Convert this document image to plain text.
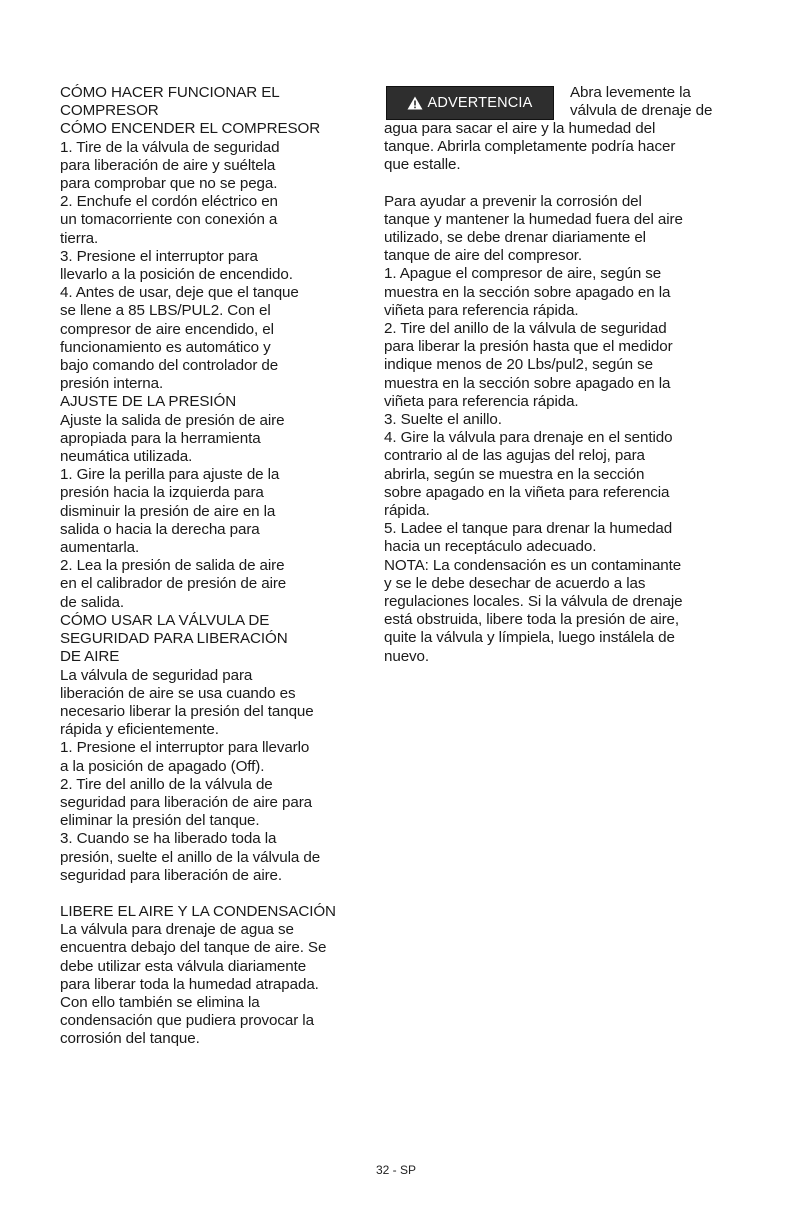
CÓMO HACER FUNCIONAR EL
COMPRESOR
CÓMO ENCENDER EL COMPRESOR
1. Tire de la válvula de seguridad
para liberación de aire y suéltela
para comprobar que no se pega.
2. Enchufe el cordón eléctrico en
un tomacorriente con conexión a
tierra.
3. Presione el interruptor para
llevarlo a la posición de encendido.
4. Antes de usar, deje que el tanque
se llene a 85 LBS/PUL2. Con el
compresor de aire encendido, el
funcionamiento es automático y
bajo comando del controlador de
presión interna.
AJUSTE DE LA PRESIÓN
Ajuste la salida de presión de aire
apropiada para la herramienta
neumática utilizada.
1. Gire la perilla para ajuste de la
presión hacia la izquierda para
disminuir la presión de aire en la
salida o hacia la derecha para
aumentarla.
2. Lea la presión de salida de aire
en el calibrador de presión de aire
de salida.
CÓMO USAR LA VÁLVULA DE
SEGURIDAD PARA LIBERACIÓN
DE AIRE
La válvula de seguridad para
liberación de aire se usa cuando es
necesario liberar la presión del tanque
rápida y eficientemente.
1. Presione el interruptor para llevarlo
a la posición de apagado (Off).
2. Tire del anillo de la válvula de
seguridad para liberación de aire para
eliminar la presión del tanque.
3. Cuando se ha liberado toda la
presión, suelte el anillo de la válvula de
seguridad para liberación de aire.
LIBERE EL AIRE Y LA CONDENSACIÓN
La válvula para drenaje de agua se
encuentra debajo del tanque de aire. Se
debe utilizar esta válvula diariamente
para liberar toda la humedad atrapada.
Con ello también se elimina la
condensación que pudiera provocar la
corrosión del tanque.
ADVERTENCIA
Abra levemente la
válvula de drenaje de
agua para sacar el aire y la humedad del
tanque. Abrirla completamente podría hacer
que estalle.
Para ayudar a prevenir la corrosión del
tanque y mantener la humedad fuera del aire
utilizado, se debe drenar diariamente el
tanque de aire del compresor.
1. Apague el compresor de aire, según se
muestra en la sección sobre apagado en la
viñeta para referencia rápida.
2. Tire del anillo de la válvula de seguridad
para liberar la presión hasta que el medidor
indique menos de 20 Lbs/pul2, según se
muestra en la sección sobre apagado en la
viñeta para referencia rápida.
3. Suelte el anillo.
4. Gire la válvula para drenaje en el sentido
contrario al de las agujas del reloj, para
abrirla, según se muestra en la sección
sobre apagado en la viñeta para referencia
rápida.
5. Ladee el tanque para drenar la humedad
hacia un receptáculo adecuado.
NOTA: La condensación es un contaminante
y se le debe desechar de acuerdo a las
regulaciones locales. Si la válvula de drenaje
está obstruida, libere toda la presión de aire,
quite la válvula y límpiela, luego instálela de
nuevo.
32 - SP
